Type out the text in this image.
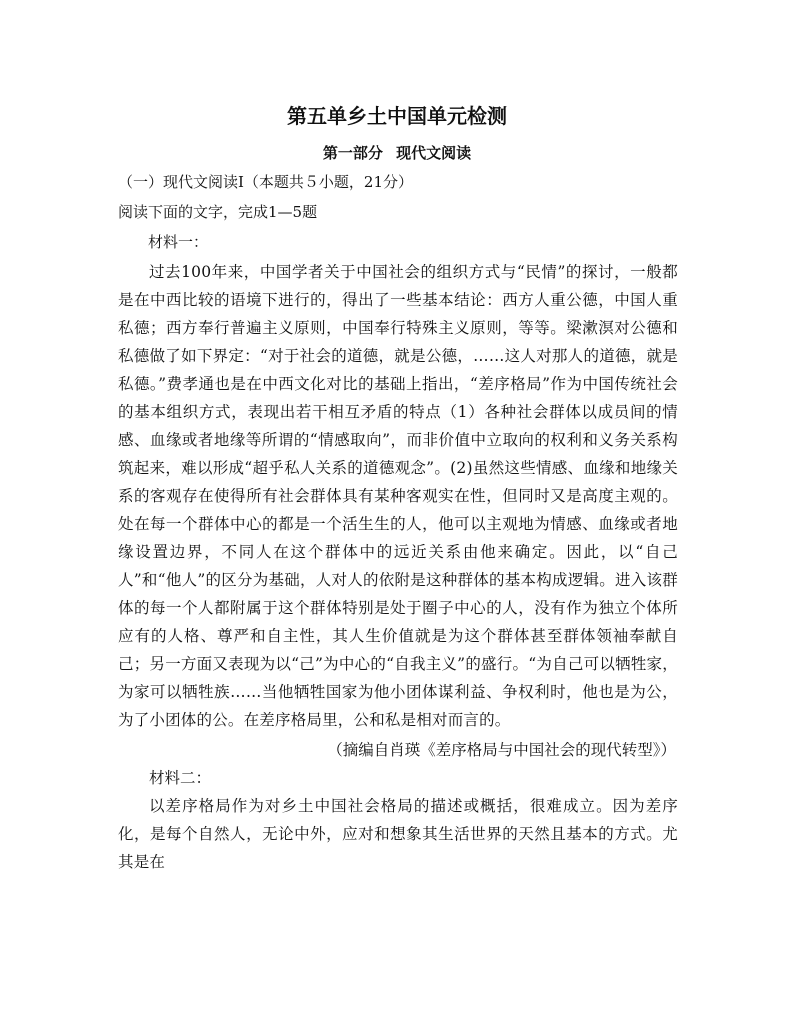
第五单乡土中国单元检测
第一部分 现代文阅读
（一）现代文阅读Ⅰ（本题共５小题，21分）
阅读下面的文字，完成1—5题
材料一：

过去100年来，中国学者关于中国社会的组织方式与“民情”的探讨，一般都是在中西比较的语境下进行的，得出了一些基本结论：西方人重公德，中国人重私德；西方奉行普遍主义原则，中国奉行特殊主义原则，等等。梁漱溟对公德和私德做了如下界定：“对于社会的道德，就是公德，……这人对那人的道德，就是私德。”费孝通也是在中西文化对比的基础上指出，“差序格局”作为中国传统社会的基本组织方式，表现出若干相互矛盾的特点（1）各种社会群体以成员间的情感、血缘或者地缘等所谓的“情感取向”，而非价值中立取向的权利和义务关系构筑起来，难以形成“超乎私人关系的道德观念”。(2)虽然这些情感、血缘和地缘关系的客观存在使得所有社会群体具有某种客观实在性，但同时又是高度主观的。处在每一个群体中心的都是一个活生生的人，他可以主观地为情感、血缘或者地缘设置边界，不同人在这个群体中的远近关系由他来确定。因此，以“自己人”和“他人”的区分为基础，人对人的依附是这种群体的基本构成逻辑。进入该群体的每一个人都附属于这个群体特别是处于圈子中心的人，没有作为独立个体所应有的人格、尊严和自主性，其人生价值就是为这个群体甚至群体领袖奉献自己；另一方面又表现为以“己”为中心的“自我主义”的盛行。“为自己可以牺牲家，为家可以牺牲族……当他牺牲国家为他小团体谋利益、争权利时，他也是为公，为了小团体的公。在差序格局里，公和私是相对而言的。

（摘编自肖瑛《差序格局与中国社会的现代转型》）

材料二：

以差序格局作为对乡土中国社会格局的描述或概括，很难成立。因为差序化，是每个自然人，无论中外，应对和想象其生活世界的天然且基本的方式。尤其是在
